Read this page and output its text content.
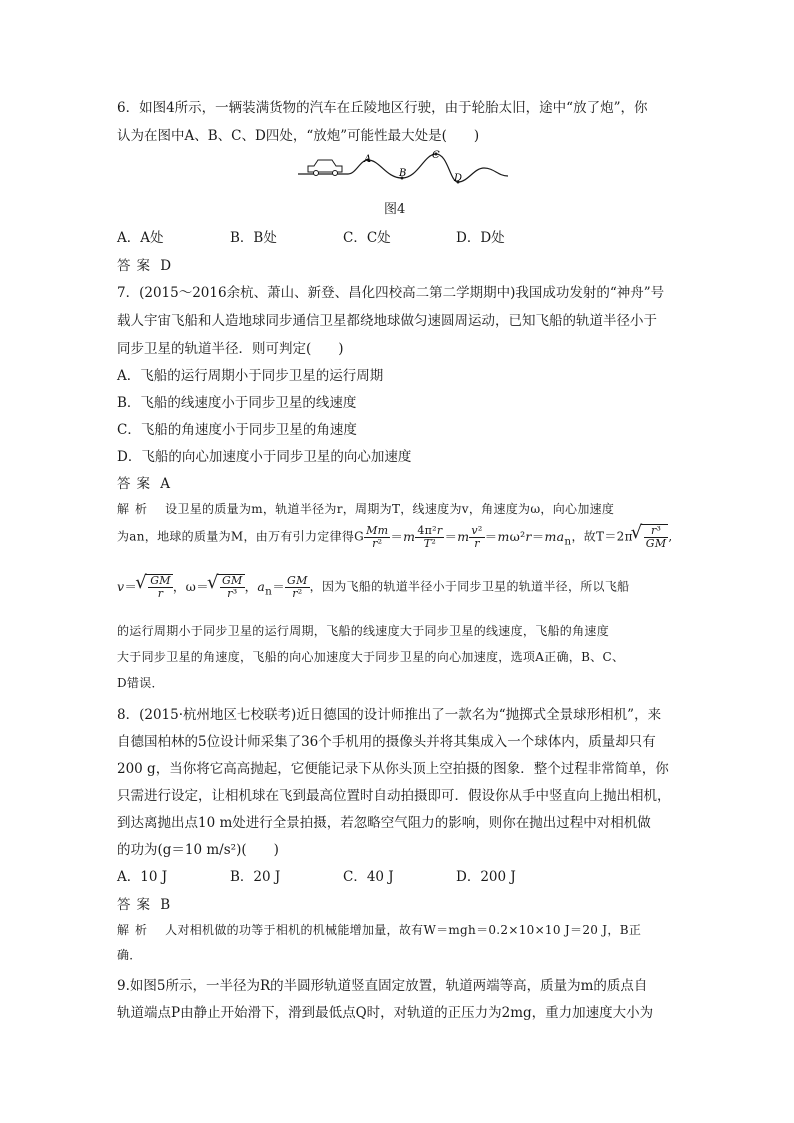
6．如图4所示，一辆装满货物的汽车在丘陵地区行驶，由于轮胎太旧，途中“放了炮”，你
认为在图中A、B、C、D四处，“放炮”可能性最大处是(　　)
A
B
C
D
图4
A．A处	B．B处	C．C处	D．D处
答案 D
7．(2015～2016余杭、萧山、新登、昌化四校高二第二学期期中)我国成功发射的“神舟”号
载人宇宙飞船和人造地球同步通信卫星都绕地球做匀速圆周运动，已知飞船的轨道半径小于
同步卫星的轨道半径．则可判定(　　)
A．飞船的运行周期小于同步卫星的运行周期
B．飞船的线速度小于同步卫星的线速度
C．飞船的角速度小于同步卫星的角速度
D．飞船的向心加速度小于同步卫星的向心加速度
答案 A
解析 设卫星的质量为m，轨道半径为r，周期为T，线速度为v，角速度为ω，向心加速度
为an，地球的质量为M，由万有引力定律得G $\frac{Mm}{\text{r²}} =m \frac{\text{4π²r}}{\text{T²}} =m \frac{\text{v²}}{r} =m\omega^2r=ma_n$，故T＝2π √ $\frac{\text{r³}}{GM}$ ,
v＝ √ $\frac{GM}{r}$ ，ω＝ √ $\frac{GM}{\text{r³}}$ ，$a_n= \frac{GM}{\text{r²}}$ ，因为飞船的轨道半径小于同步卫星的轨道半径，所以飞船
的运行周期小于同步卫星的运行周期，飞船的线速度大于同步卫星的线速度，飞船的角速度
大于同步卫星的角速度，飞船的向心加速度大于同步卫星的向心加速度，选项A正确，B、C、
D错误．
8．(2015·杭州地区七校联考)近日德国的设计师推出了一款名为“抛掷式全景球形相机”，来
自德国柏林的5位设计师采集了36个手机用的摄像头并将其集成入一个球体内，质量却只有
200 g，当你将它高高抛起，它便能记录下从你头顶上空拍摄的图象．整个过程非常简单，你
只需进行设定，让相机球在飞到最高位置时自动拍摄即可．假设你从手中竖直向上抛出相机，
到达离抛出点10 m处进行全景拍摄，若忽略空气阻力的影响，则你在抛出过程中对相机做
的功为(g＝10 m/s²)(　　)
A．10 J	B．20 J	C．40 J	D．200 J
答案 B
解析 人对相机做的功等于相机的机械能增加量，故有W＝mgh＝0.2×10×10 J＝20 J，B正
确．
9.如图5所示，一半径为R的半圆形轨道竖直固定放置，轨道两端等高，质量为m的质点自
轨道端点P由静止开始滑下，滑到最低点Q时，对轨道的正压力为2mg，重力加速度大小为
